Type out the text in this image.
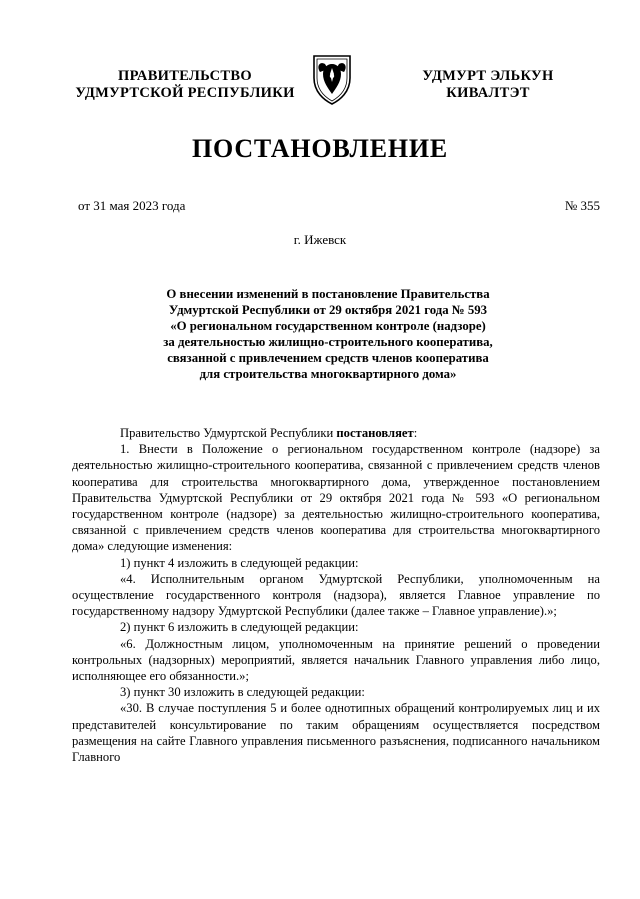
ПРАВИТЕЛЬСТВО
УДМУРТСКОЙ РЕСПУБЛИКИ
УДМУРТ ЭЛЬКУН
КИВАЛТЭТ
ПОСТАНОВЛЕНИЕ
от 31 мая 2023 года	№ 355
г. Ижевск
О внесении изменений в постановление Правительства
Удмуртской Республики от 29 октября 2021 года № 593
«О региональном государственном контроле (надзоре)
за деятельностью жилищно-строительного кооператива,
связанной с привлечением средств членов кооператива
для строительства многоквартирного дома»

Правительство Удмуртской Республики постановляет:

1. Внести в Положение о региональном государственном контроле (надзоре) за деятельностью жилищно-строительного кооператива, связанной с привлечением средств членов кооператива для строительства многоквартирного дома, утвержденное постановлением Правительства Удмуртской Республики от 29 октября 2021 года № 593 «О региональном государственном контроле (надзоре) за деятельностью жилищно-строительного кооператива, связанной с привлечением средств членов кооператива для строительства многоквартирного дома» следующие изменения:

1) пункт 4 изложить в следующей редакции:

«4. Исполнительным органом Удмуртской Республики, уполномоченным на осуществление государственного контроля (надзора), является Главное управление по государственному надзору Удмуртской Республики (далее также – Главное управление).»;

2) пункт 6 изложить в следующей редакции:

«6. Должностным лицом, уполномоченным на принятие решений о проведении контрольных (надзорных) мероприятий, является начальник Главного управления либо лицо, исполняющее его обязанности.»;

3) пункт 30 изложить в следующей редакции:

«30. В случае поступления 5 и более однотипных обращений контролируемых лиц и их представителей консультирование по таким обращениям осуществляется посредством размещения на сайте Главного управления письменного разъяснения, подписанного начальником Главного
